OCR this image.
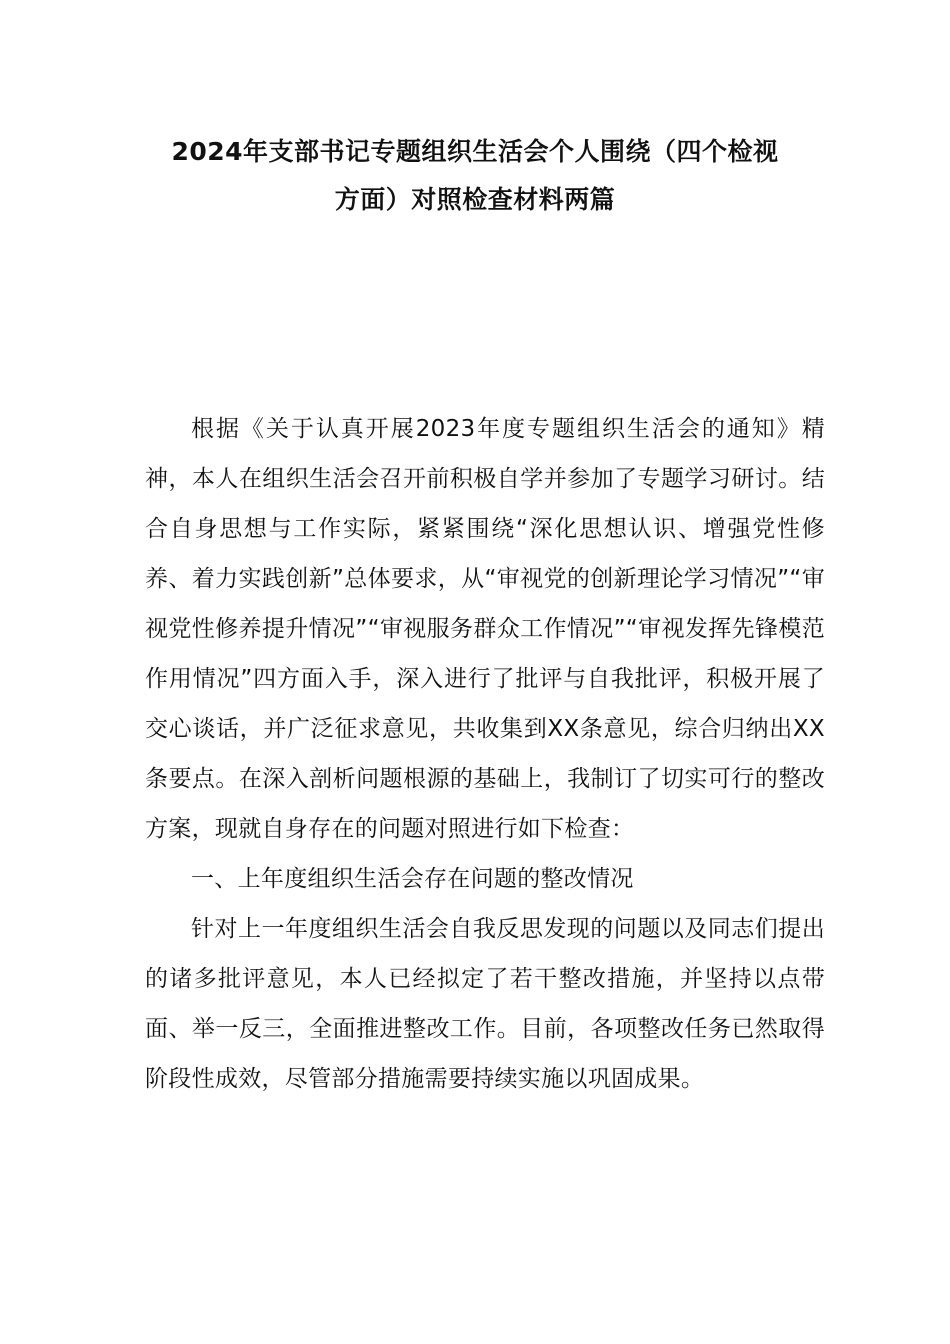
2024年支部书记专题组织生活会个人围绕（四个检视
方面）对照检查材料两篇

根据《关于认真开展2023年度专题组织生活会的通知》精神，本人在组织生活会召开前积极自学并参加了专题学习研讨。结合自身思想与工作实际，紧紧围绕“深化思想认识、增强党性修养、着力实践创新”总体要求，从“审视党的创新理论学习情况”“审视党性修养提升情况”“审视服务群众工作情况”“审视发挥先锋模范作用情况”四方面入手，深入进行了批评与自我批评，积极开展了交心谈话，并广泛征求意见，共收集到XX条意见，综合归纳出XX条要点。在深入剖析问题根源的基础上，我制订了切实可行的整改方案，现就自身存在的问题对照进行如下检查：

一、上年度组织生活会存在问题的整改情况

针对上一年度组织生活会自我反思发现的问题以及同志们提出的诸多批评意见，本人已经拟定了若干整改措施，并坚持以点带面、举一反三，全面推进整改工作。目前，各项整改任务已然取得阶段性成效，尽管部分措施需要持续实施以巩固成果。
